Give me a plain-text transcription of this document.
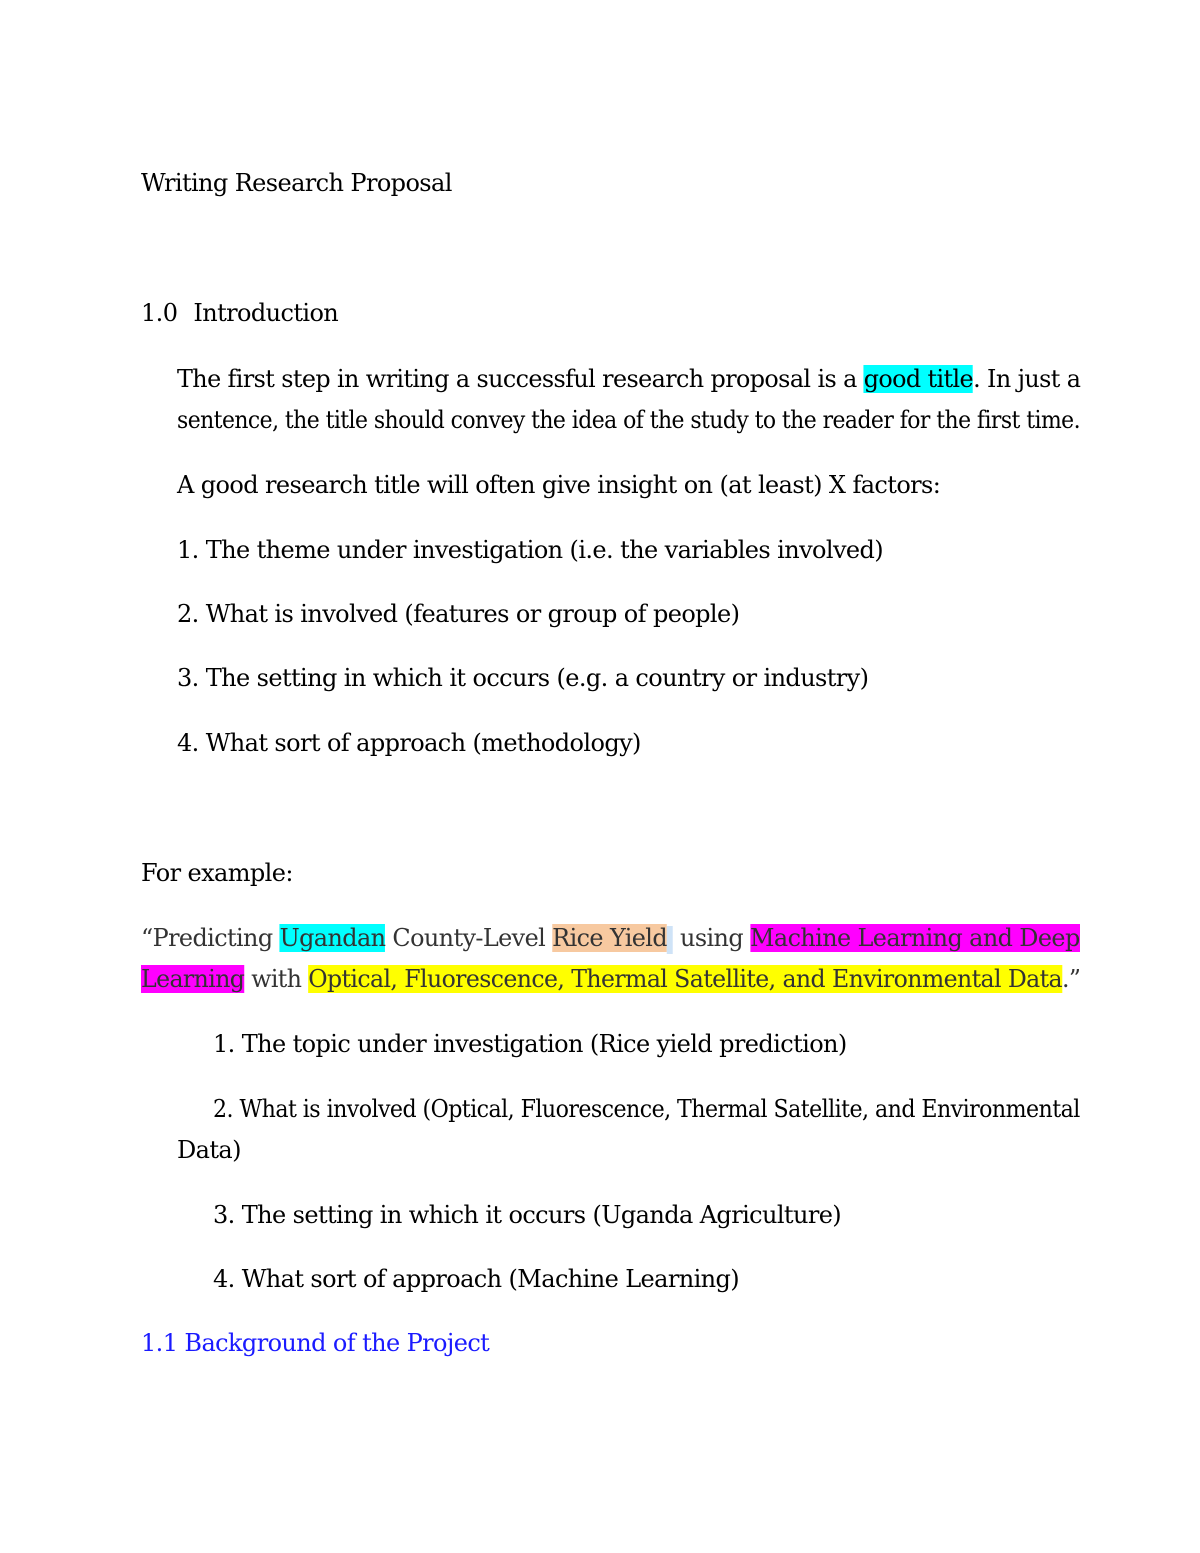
Writing Research Proposal
1.0 Introduction
The first step in writing a successful research proposal is a good title. In just a
sentence, the title should convey the idea of the study to the reader for the first time.
A good research title will often give insight on (at least) X factors:
1. The theme under investigation (i.e. the variables involved)
2. What is involved (features or group of people)
3. The setting in which it occurs (e.g. a country or industry)
4. What sort of approach (methodology)
For example:
“Predicting Ugandan County-Level Rice Yield using Machine Learning and Deep
Learning with Optical, Fluorescence, Thermal Satellite, and Environmental Data.”
1. The topic under investigation (Rice yield prediction)
2. What is involved (Optical, Fluorescence, Thermal Satellite, and Environmental
Data)
3. The setting in which it occurs (Uganda Agriculture)
4. What sort of approach (Machine Learning)
1.1 Background of the Project
